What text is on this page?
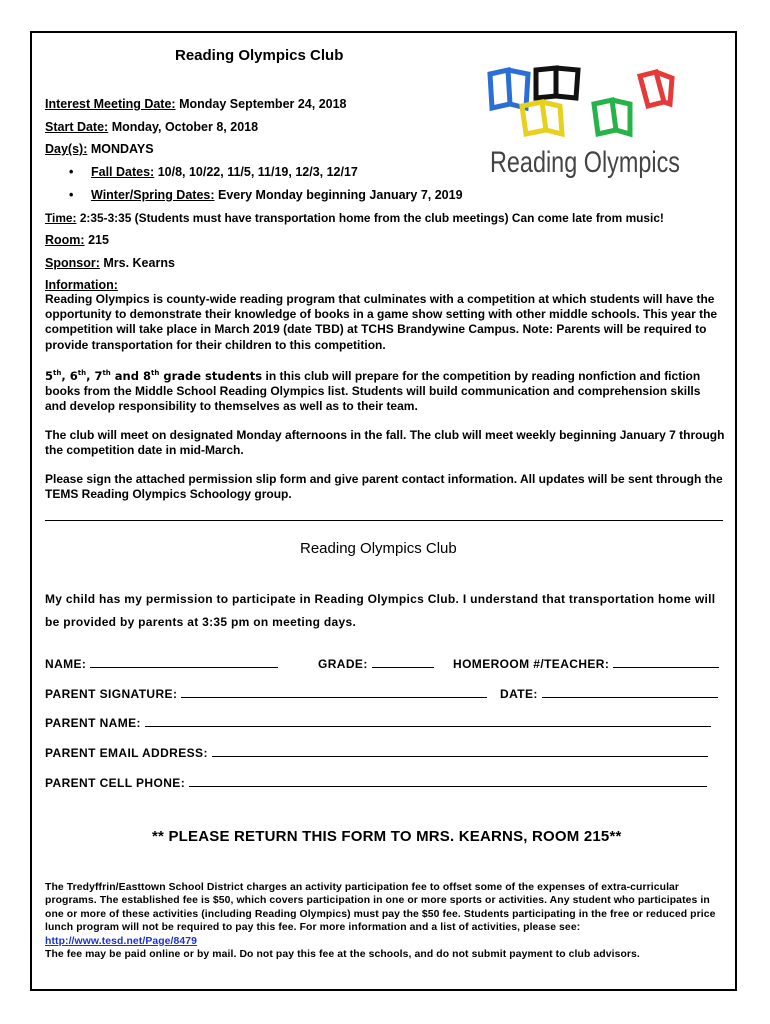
Reading Olympics Club
Reading Olympics
Interest Meeting Date: Monday September 24, 2018
Start Date: Monday, October 8, 2018
Day(s): MONDAYS
• Fall Dates: 10/8, 10/22, 11/5, 11/19, 12/3, 12/17
• Winter/Spring Dates: Every Monday beginning January 7, 2019
Time: 2:35-3:35 (Students must have transportation home from the club meetings) Can come late from music!
Room: 215
Sponsor: Mrs. Kearns
Information:
Reading Olympics is county-wide reading program that culminates with a competition at which students will have the opportunity to demonstrate their knowledge of books in a game show setting with other middle schools. This year the competition will take place in March 2019 (date TBD) at TCHS Brandywine Campus. Note: Parents will be required to provide transportation for their children to this competition.
5th, 6th, 7th and 8th grade students in this club will prepare for the competition by reading nonfiction and fiction books from the Middle School Reading Olympics list. Students will build communication and comprehension skills and develop responsibility to themselves as well as to their team.
The club will meet on designated Monday afternoons in the fall. The club will meet weekly beginning January 7 through the competition date in mid-March.
Please sign the attached permission slip form and give parent contact information. All updates will be sent through the TEMS Reading Olympics Schoology group.
Reading Olympics Club
My child has my permission to participate in Reading Olympics Club. I understand that transportation home will be provided by parents at 3:35 pm on meeting days.
NAME:	GRADE:	HOMEROOM #/TEACHER:
PARENT SIGNATURE:	DATE:
PARENT NAME:
PARENT EMAIL ADDRESS:
PARENT CELL PHONE:
** PLEASE RETURN THIS FORM TO MRS. KEARNS, ROOM 215**
The Tredyffrin/Easttown School District charges an activity participation fee to offset some of the expenses of extra-curricular programs. The established fee is $50, which covers participation in one or more sports or activities. Any student who participates in one or more of these activities (including Reading Olympics) must pay the $50 fee. Students participating in the free or reduced price lunch program will not be required to pay this fee. For more information and a list of activities, please see: http://www.tesd.net/Page/8479
The fee may be paid online or by mail. Do not pay this fee at the schools, and do not submit payment to club advisors.
